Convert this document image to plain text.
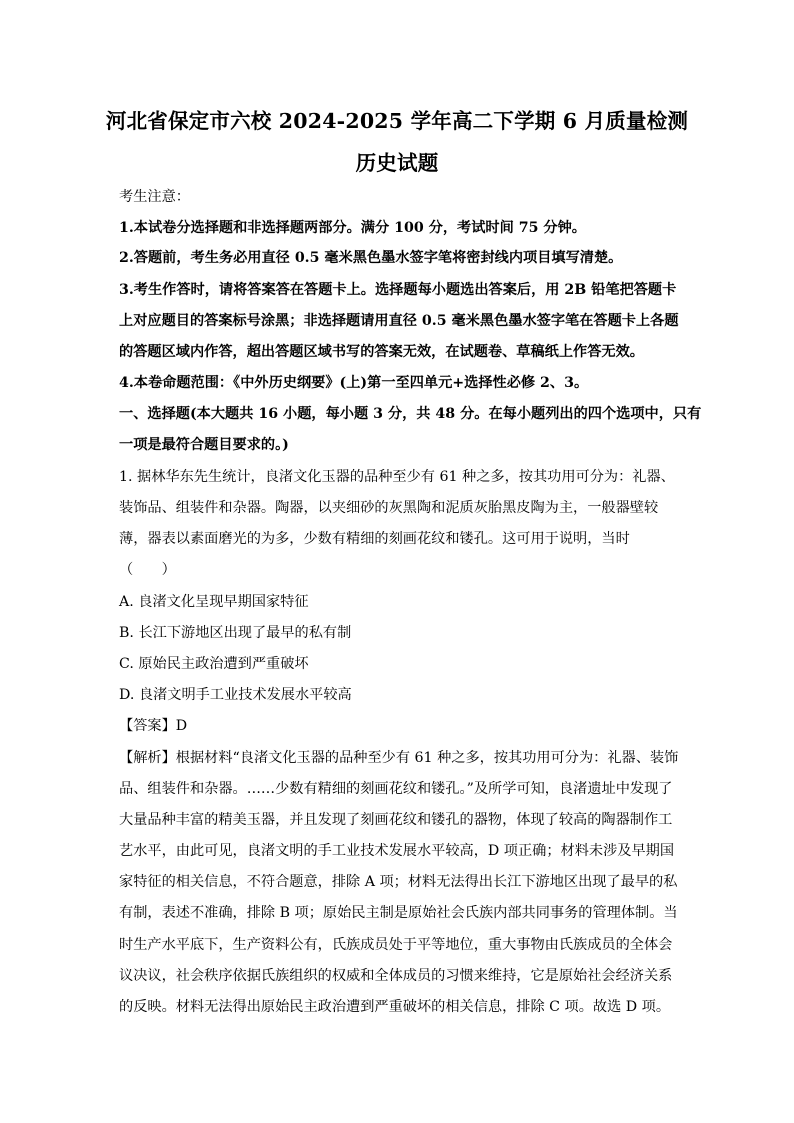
河北省保定市六校 2024-2025 学年高二下学期 6 月质量检测
历史试题
考生注意：
1.本试卷分选择题和非选择题两部分。满分 100 分，考试时间 75 分钟。
2.答题前，考生务必用直径 0.5 毫米黑色墨水签字笔将密封线内项目填写清楚。
3.考生作答时，请将答案答在答题卡上。选择题每小题选出答案后，用 2B 铅笔把答题卡
上对应题目的答案标号涂黑；非选择题请用直径 0.5 毫米黑色墨水签字笔在答题卡上各题
的答题区域内作答，超出答题区域书写的答案无效，在试题卷、草稿纸上作答无效。
4.本卷命题范围：《中外历史纲要》(上)第一至四单元+选择性必修 2、3。
一、选择题(本大题共 16 小题，每小题 3 分，共 48 分。在每小题列出的四个选项中，只有
一项是最符合题目要求的。)
1. 据林华东先生统计，良渚文化玉器的品种至少有 61 种之多，按其功用可分为：礼器、
装饰品、组装件和杂器。陶器，以夹细砂的灰黑陶和泥质灰胎黑皮陶为主，一般器壁较
薄，器表以素面磨光的为多，少数有精细的刻画花纹和镂孔。这可用于说明，当时
（　　）
A. 良渚文化呈现早期国家特征
B. 长江下游地区出现了最早的私有制
C. 原始民主政治遭到严重破坏
D. 良渚文明手工业技术发展水平较高
【答案】D
【解析】根据材料“良渚文化玉器的品种至少有 61 种之多，按其功用可分为：礼器、装饰
品、组装件和杂器。……少数有精细的刻画花纹和镂孔。”及所学可知，良渚遗址中发现了
大量品种丰富的精美玉器，并且发现了刻画花纹和镂孔的器物，体现了较高的陶器制作工
艺水平，由此可见，良渚文明的手工业技术发展水平较高，D 项正确；材料未涉及早期国
家特征的相关信息，不符合题意，排除 A 项；材料无法得出长江下游地区出现了最早的私
有制，表述不准确，排除 B 项；原始民主制是原始社会氏族内部共同事务的管理体制。当
时生产水平底下，生产资料公有，氏族成员处于平等地位，重大事物由氏族成员的全体会
议决议，社会秩序依据氏族组织的权威和全体成员的习惯来维持，它是原始社会经济关系
的反映。材料无法得出原始民主政治遭到严重破坏的相关信息，排除 C 项。故选 D 项。
